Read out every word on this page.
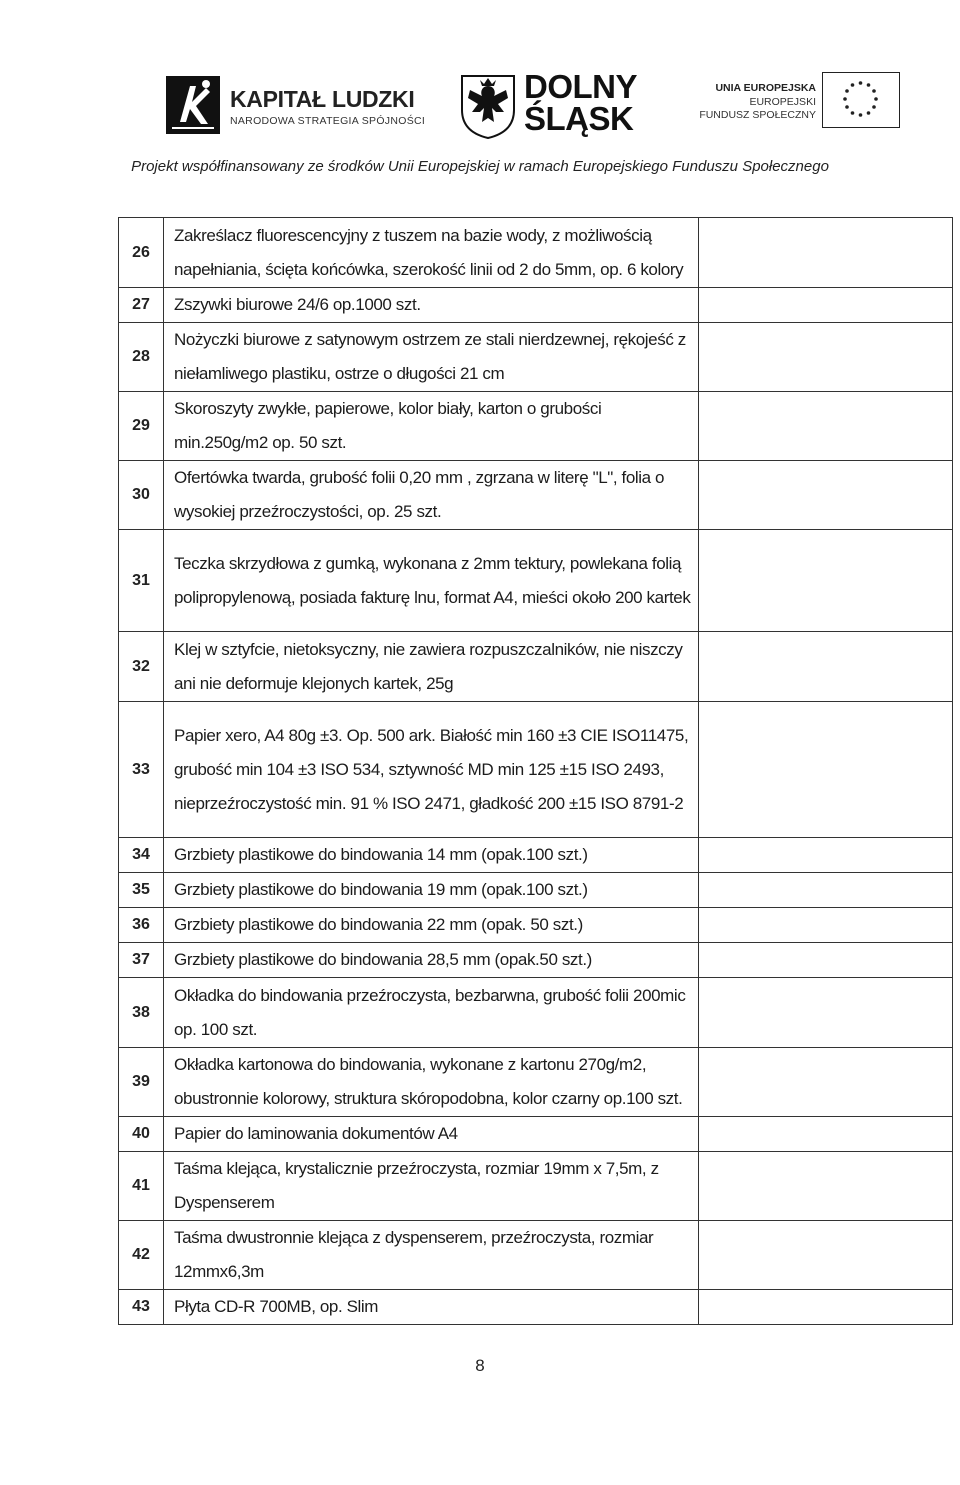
KAPITAŁ LUDZKI
NARODOWA STRATEGIA SPÓJNOŚCI
DOLNY
ŚLĄSK
UNIA EUROPEJSKA
EUROPEJSKI
FUNDUSZ SPOŁECZNY
Projekt współfinansowany ze środków Unii Europejskiej w ramach Europejskiego Funduszu Społecznego
26	Zakreślacz fluorescencyjny z tuszem na bazie wody, z możliwością napełniania, ścięta końcówka, szerokość linii od 2 do 5mm, op. 6 kolory	
27	Zszywki biurowe 24/6 op.1000 szt.	
28	Nożyczki biurowe z satynowym ostrzem ze stali nierdzewnej, rękojeść z niełamliwego plastiku, ostrze o długości 21 cm	
29	Skoroszyty zwykłe, papierowe, kolor biały, karton o grubości min.250g/m2 op. 50 szt.	
30	Ofertówka twarda, grubość folii 0,20 mm , zgrzana w literę "L", folia o wysokiej przeźroczystości, op. 25 szt.	
31	Teczka skrzydłowa z gumką, wykonana z 2mm tektury, powlekana folią polipropylenową, posiada fakturę lnu, format A4, mieści około 200 kartek	
32	Klej w sztyfcie, nietoksyczny, nie zawiera rozpuszczalników, nie niszczy ani nie deformuje klejonych kartek, 25g	
33	Papier xero, A4 80g ±3. Op. 500 ark. Białość min 160 ±3 CIE ISO11475, grubość min 104 ±3 ISO 534, sztywność MD min 125 ±15 ISO 2493, nieprzeźroczystość min. 91 % ISO 2471, gładkość 200 ±15 ISO 8791-2	
34	Grzbiety plastikowe do bindowania 14 mm (opak.100 szt.)	
35	Grzbiety plastikowe do bindowania 19 mm (opak.100 szt.)	
36	Grzbiety plastikowe do bindowania 22 mm (opak. 50 szt.)	
37	Grzbiety plastikowe do bindowania 28,5 mm (opak.50 szt.)	
38	Okładka do bindowania przeźroczysta, bezbarwna, grubość folii 200mic op. 100 szt.	
39	Okładka kartonowa do bindowania, wykonane z kartonu 270g/m2, obustronnie kolorowy, struktura skóropodobna, kolor czarny op.100 szt.	
40	Papier do laminowania dokumentów A4	
41	Taśma klejąca, krystalicznie przeźroczysta, rozmiar 19mm x 7,5m, z Dyspenserem	
42	Taśma dwustronnie klejąca z dyspenserem, przeźroczysta, rozmiar 12mmx6,3m	
43	Płyta CD-R 700MB, op. Slim	
8
